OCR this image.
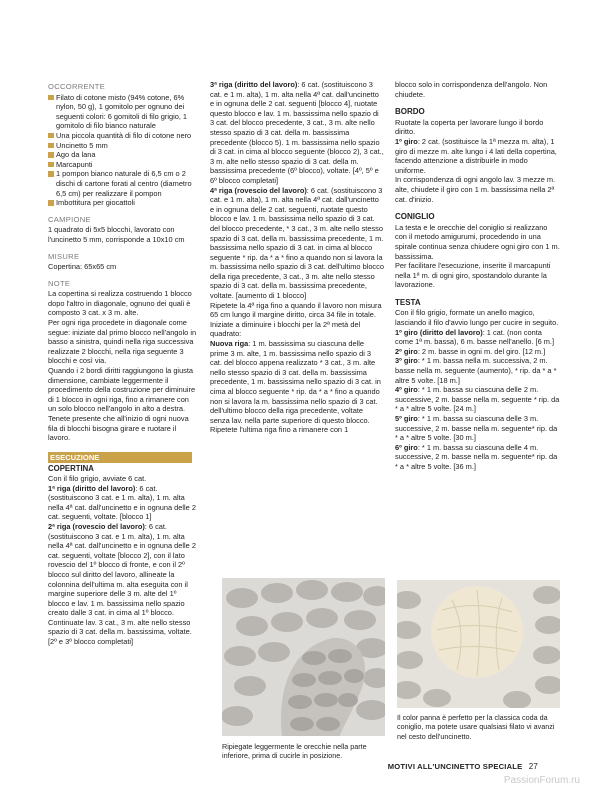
OCCORRENTE

Filato di cotone misto (94% cotone, 6% nylon, 50 g), 1 gomitolo per ognuno dei seguenti colori: 6 gomitoli di filo grigio, 1 gomitolo di filo bianco naturale

Una piccola quantità di filo di cotone nero

Uncinetto 5 mm

Ago da lana

Marcapunti

1 pompon bianco naturale di 6,5 cm o 2 dischi di cartone forati al centro (diametro 6,5 cm) per realizzare il pompon

Imbottitura per giocattoli

CAMPIONE

1 quadrato di 5x5 blocchi, lavorato con l'uncinetto 5 mm, corrisponde a 10x10 cm

MISURE

Copertina: 65x65 cm

NOTE

La copertina si realizza costruendo 1 blocco dopo l'altro in diagonale, ognuno dei quali è composto 3 cat. x 3 m. alte.

Per ogni riga procedete in diagonale come segue: iniziate dal primo blocco nell'angolo in basso a sinistra, quindi nella riga successiva realizzate 2 blocchi, nella riga seguente 3 blocchi e così via.

Quando i 2 bordi diritti raggiungono la giusta dimensione, cambiate leggermente il procedimento della costruzione per diminuire di 1 blocco in ogni riga, fino a rimanere con un solo blocco nell'angolo in alto a destra. Tenete presente che all'inizio di ogni nuova fila di blocchi bisogna girare e ruotare il lavoro.

ESECUZIONE
COPERTINA

Con il filo grigio, avviate 6 cat.

1ª riga (diritto del lavoro): 6 cat. (sostituiscono 3 cat. e 1 m. alta), 1 m. alta nella 4ª cat. dall'uncinetto e in ognuna delle 2 cat. seguenti, voltate. [blocco 1]

2ª riga (rovescio del lavoro): 6 cat. (sostituiscono 3 cat. e 1 m. alta), 1 m. alta nella 4ª cat. dall'uncinetto e in ognuna delle 2 cat. seguenti, voltate [blocco 2], con il lato rovescio del 1º blocco di fronte, e con il 2º blocco sul diritto del lavoro, allineate la colonnina dell'ultima m. alta eseguita con il margine superiore delle 3 m. alte del 1º blocco e lav. 1 m. bassissima nello spazio creato dalle 3 cat. in cima al 1º blocco. Continuate lav. 3 cat., 3 m. alte nello stesso spazio di 3 cat. della m. bassissima, voltate. [2º e 3º blocco completati]

3ª riga (diritto del lavoro): 6 cat. (sostituiscono 3 cat. e 1 m. alta), 1 m. alta nella 4ª cat. dall'uncinetto e in ognuna delle 2 cat. seguenti [blocco 4], ruotate questo blocco e lav. 1 m. bassissima nello spazio di 3 cat. del blocco precedente, 3 cat., 3 m. alte nello stesso spazio di 3 cat. della m. bassissima precedente (blocco 5). 1 m. bassissima nello spazio di 3 cat. in cima al blocco seguente (blocco 2), 3 cat., 3 m. alte nello stesso spazio di 3 cat. della m. bassissima precedente (6º blocco), voltate. [4º, 5º e 6º blocco completati]

4ª riga (rovescio del lavoro): 6 cat. (sostituiscono 3 cat. e 1 m. alta), 1 m. alta nella 4ª cat. dall'uncinetto e in ognuna delle 2 cat. seguenti, ruotate questo blocco e lav. 1 m. bassissima nello spazio di 3 cat. del blocco precedente, * 3 cat., 3 m. alte nello stesso spazio di 3 cat. della m. bassissima precedente, 1 m. bassissima nello spazio di 3 cat. in cima al blocco seguente * rip. da * a * fino a quando non si lavora la m. bassissima nello spazio di 3 cat. dell'ultimo blocco della riga precedente, 3 cat., 3 m. alte nello stesso spazio di 3 cat. della m. bassissima precedente, voltate. [aumento di 1 blocco]

Ripetete la 4ª riga fino a quando il lavoro non misura 65 cm lungo il margine diritto, circa 34 file in totale.

Iniziate a diminuire i blocchi per la 2ª metà del quadrato:

Nuova riga: 1 m. bassissima su ciascuna delle prime 3 m. alte, 1 m. bassissima nello spazio di 3 cat. del blocco appena realizzato * 3 cat., 3 m. alte nello stesso spazio di 3 cat. della m. bassissima precedente, 1 m. bassissima nello spazio di 3 cat. in cima al blocco seguente * rip. da * a * fino a quando non si lavora la m. bassissima nello spazio di 3 cat. dell'ultimo blocco della riga precedente, voltate senza lav. nella parte superiore di questo blocco.

Ripetete l'ultima riga fino a rimanere con 1

Ripiegate leggermente le orecchie nella parte inferiore, prima di cucirle in posizione.

blocco solo in corrispondenza dell'angolo. Non chiudete.

BORDO

Ruotate la coperta per lavorare lungo il bordo diritto.

1º giro: 2 cat. (sostituisce la 1ª mezza m. alta), 1 giro di mezze m. alte lungo i 4 lati della copertina, facendo attenzione a distribuirle in modo uniforme.

In corrispondenza di ogni angolo lav. 3 mezze m. alte, chiudete il giro con 1 m. bassissima nella 2ª cat. d'inizio.

CONIGLIO

La testa e le orecchie del coniglio si realizzano con il metodo amigurumi, procedendo in una spirale continua senza chiudere ogni giro con 1 m. bassissima.

Per facilitare l'esecuzione, inserite il marcapunti nella 1ª m. di ogni giro, spostandolo durante la lavorazione.

TESTA

Con il filo grigio, formate un anello magico, lasciando il filo d'avvio lungo per cucire in seguito.

1º giro (diritto del lavoro): 1 cat. (non conta come 1ª m. bassa), 6 m. basse nell'anello. [6 m.]

2º giro: 2 m. basse in ogni m. del giro. [12 m.]

3º giro: * 1 m. bassa nella m. successiva, 2 m. basse nella m. seguente (aumento), * rip. da * a * altre 5 volte. [18 m.]

4º giro: * 1 m. bassa su ciascuna delle 2 m. successive, 2 m. basse nella m. seguente * rip. da * a * altre 5 volte. [24 m.]

5º giro: * 1 m. bassa su ciascuna delle 3 m. successive, 2 m. basse nella m. seguente* rip. da * a * altre 5 volte. [30 m.]

6º giro: * 1 m. bassa su ciascuna delle 4 m. successive, 2 m. basse nella m. seguente* rip. da * a * altre 5 volte. [36 m.]

Il color panna è perfetto per la classica coda da coniglio, ma potete usare qualsiasi filato vi avanzi nel cesto dell'uncinetto.
MOTIVI ALL'UNCINETTO SPECIALE 27
PassionForum.ru
